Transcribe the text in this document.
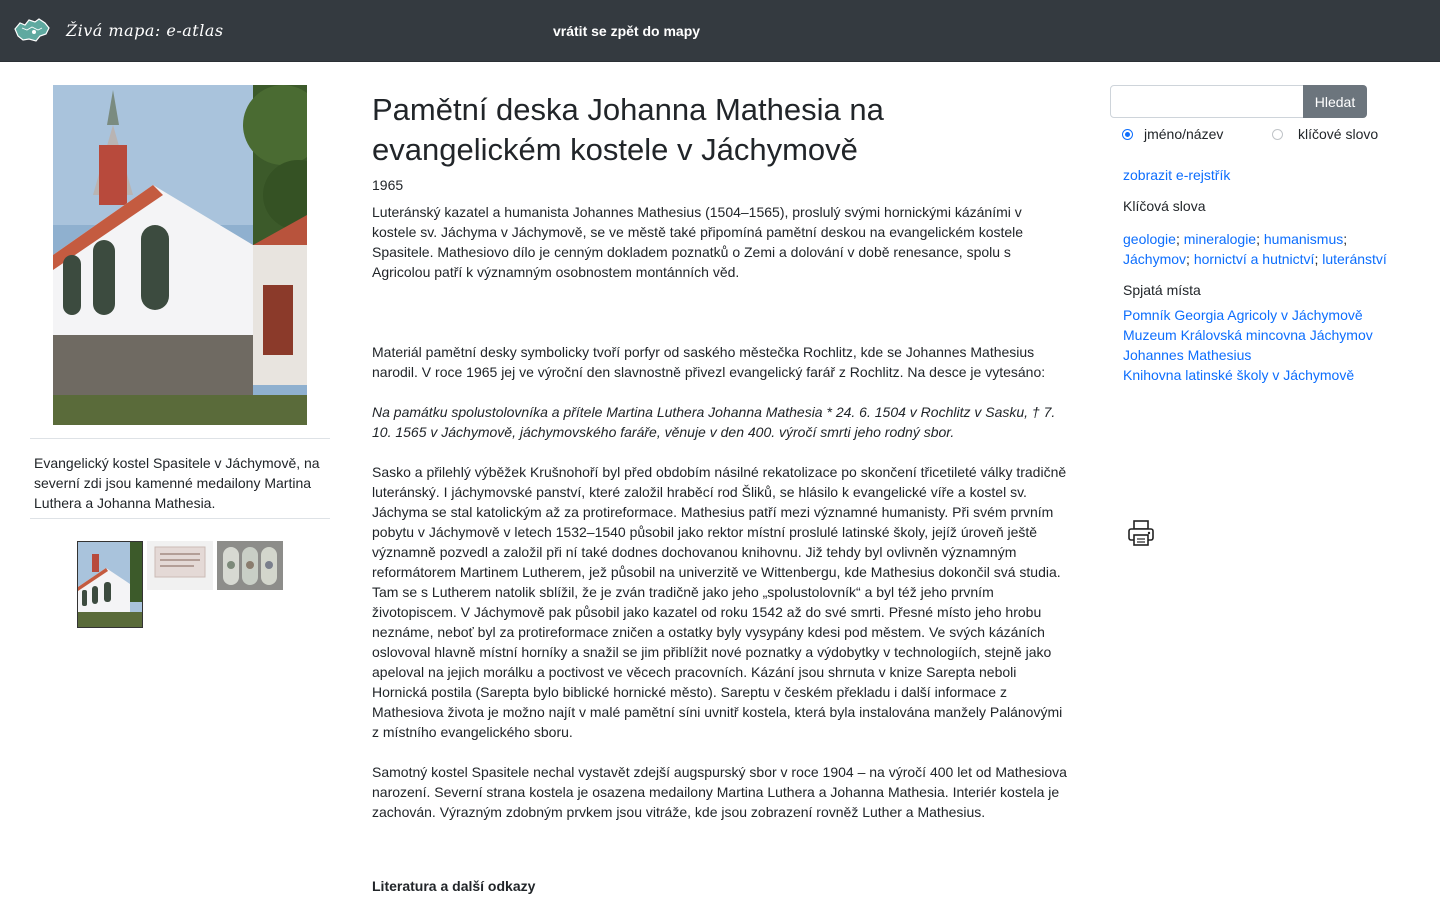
Živá mapa: e-atlas	vrátit se zpět do mapy
Evangelický kostel Spasitele v Jáchymově, na severní zdi jsou kamenné medailony Martina Luthera a Johanna Mathesia.
Pamětní deska Johanna Mathesia na evangelickém kostele v Jáchymově
1965

Luteránský kazatel a humanista Johannes Mathesius (1504–1565), proslulý svými hornickými kázáními v kostele sv. Jáchyma v Jáchymově, se ve městě také připomíná pamětní deskou na evangelickém kostele Spasitele. Mathesiovo dílo je cenným dokladem poznatků o Zemi a dolování v době renesance, spolu s Agricolou patří k významným osobnostem montánních věd.

Materiál pamětní desky symbolicky tvoří porfyr od saského městečka Rochlitz, kde se Johannes Mathesius narodil. V roce 1965 jej ve výroční den slavnostně přivezl evangelický farář z Rochlitz. Na desce je vytesáno:

Na památku spolustolovníka a přítele Martina Luthera Johanna Mathesia * 24. 6. 1504 v Rochlitz v Sasku, † 7. 10. 1565 v Jáchymově, jáchymovského faráře, věnuje v den 400. výročí smrti jeho rodný sbor.

Sasko a přilehlý výběžek Krušnohoří byl před obdobím násilné rekatolizace po skončení třicetileté války tradičně luteránský. I jáchymovské panství, které založil hraběcí rod Šliků, se hlásilo k evangelické víře a kostel sv. Jáchyma se stal katolickým až za protireformace. Mathesius patří mezi významné humanisty. Při svém prvním pobytu v Jáchymově v letech 1532–1540 působil jako rektor místní proslulé latinské školy, jejíž úroveň ještě významně pozvedl a založil při ní také dodnes dochovanou knihovnu. Již tehdy byl ovlivněn významným reformátorem Martinem Lutherem, jež působil na univerzitě ve Wittenbergu, kde Mathesius dokončil svá studia. Tam se s Lutherem natolik sblížil, že je zván tradičně jako jeho „spolustolovník“ a byl též jeho prvním životopiscem. V Jáchymově pak působil jako kazatel od roku 1542 až do své smrti. Přesné místo jeho hrobu neznáme, neboť byl za protireformace zničen a ostatky byly vysypány kdesi pod městem. Ve svých kázáních oslovoval hlavně místní horníky a snažil se jim přiblížit nové poznatky a výdobytky v technologiích, stejně jako apeloval na jejich morálku a poctivost ve věcech pracovních. Kázání jsou shrnuta v knize Sarepta neboli Hornická postila (Sarepta bylo biblické hornické město). Sareptu v českém překladu i další informace z Mathesiova života je možno najít v malé pamětní síni uvnitř kostela, která byla instalována manžely Palánovými z místního evangelického sboru.

Samotný kostel Spasitele nechal vystavět zdejší augspurský sbor v roce 1904 – na výročí 400 let od Mathesiova narození. Severní strana kostela je osazena medailony Martina Luthera a Johanna Mathesia. Interiér kostela je zachován. Výrazným zdobným prvkem jsou vitráže, kde jsou zobrazení rovněž Luther a Mathesius.

Literatura a další odkazy
Hledat
jméno/název	klíčové slovo
zobrazit e-rejstřík
Klíčová slova
geologie; mineralogie; humanismus;
Jáchymov; hornictví a hutnictví; luteránství
Spjatá místa
Pomník Georgia Agricoly v Jáchymově
Muzeum Královská mincovna Jáchymov
Johannes Mathesius
Knihovna latinské školy v Jáchymově
